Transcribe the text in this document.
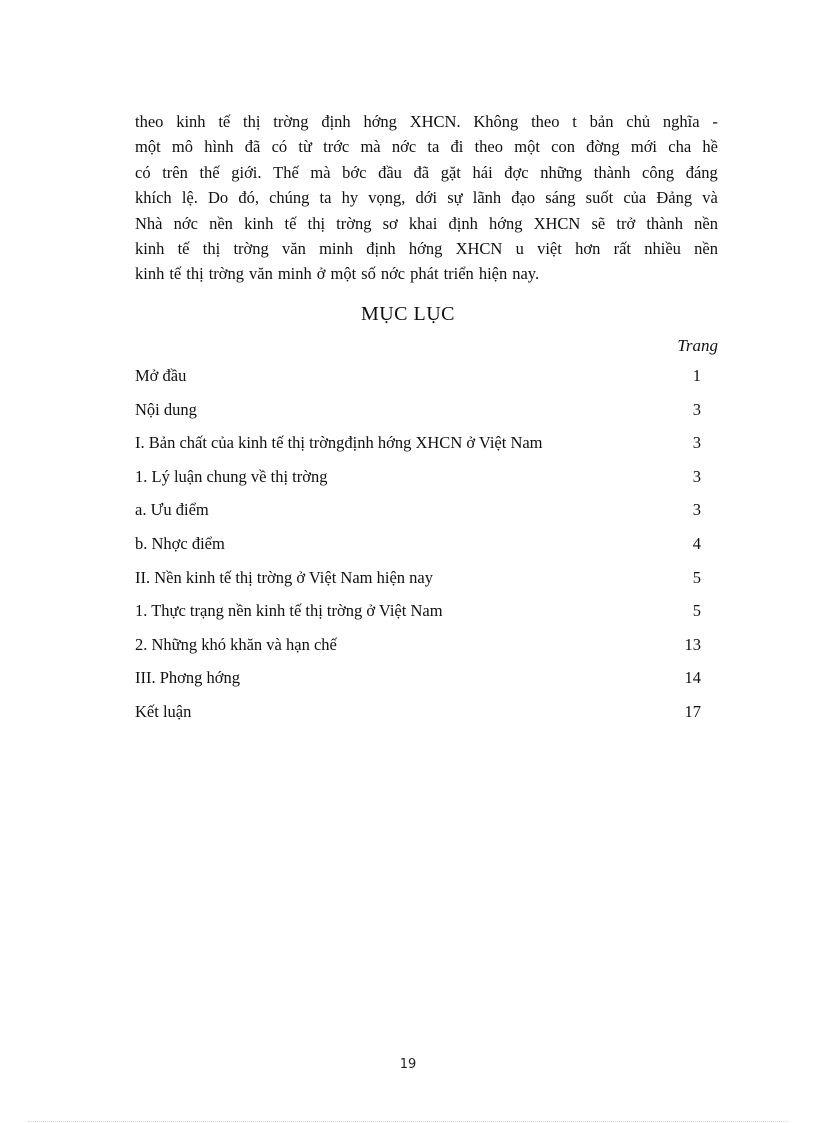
theo kinh tế thị trờng định hớng XHCN. Không theo t bản chủ nghĩa -
một mô hình đã có từ trớc mà nớc ta đi theo một con đờng mới cha hề
có trên thế giới. Thế mà bớc đầu đã gặt hái đợc những thành công đáng
khích lệ. Do đó, chúng ta hy vọng, dới sự lãnh đạo sáng suốt của Đảng và
Nhà nớc nền kinh tế thị trờng sơ khai định hớng XHCN sẽ trở thành nền
kinh tế thị trờng văn minh định hớng XHCN u việt hơn rất nhiều nền
kinh tế thị trờng văn minh ở một số nớc phát triển hiện nay.
MỤC LỤC
Trang
Mở đầu	1
Nội dung	3
I. Bản chất của kinh tế thị trờngđịnh hớng XHCN ở Việt Nam	3
1. Lý luận chung về thị trờng	3
a. Ưu điểm	3
b. Nhợc điểm	4
II. Nền kinh tế thị trờng ở Việt Nam hiện nay	5
1. Thực trạng nền kinh tế thị trờng ở Việt Nam	5
2. Những khó khăn và hạn chế	13
III. Phơng hớng	14
Kết luận	17
19
